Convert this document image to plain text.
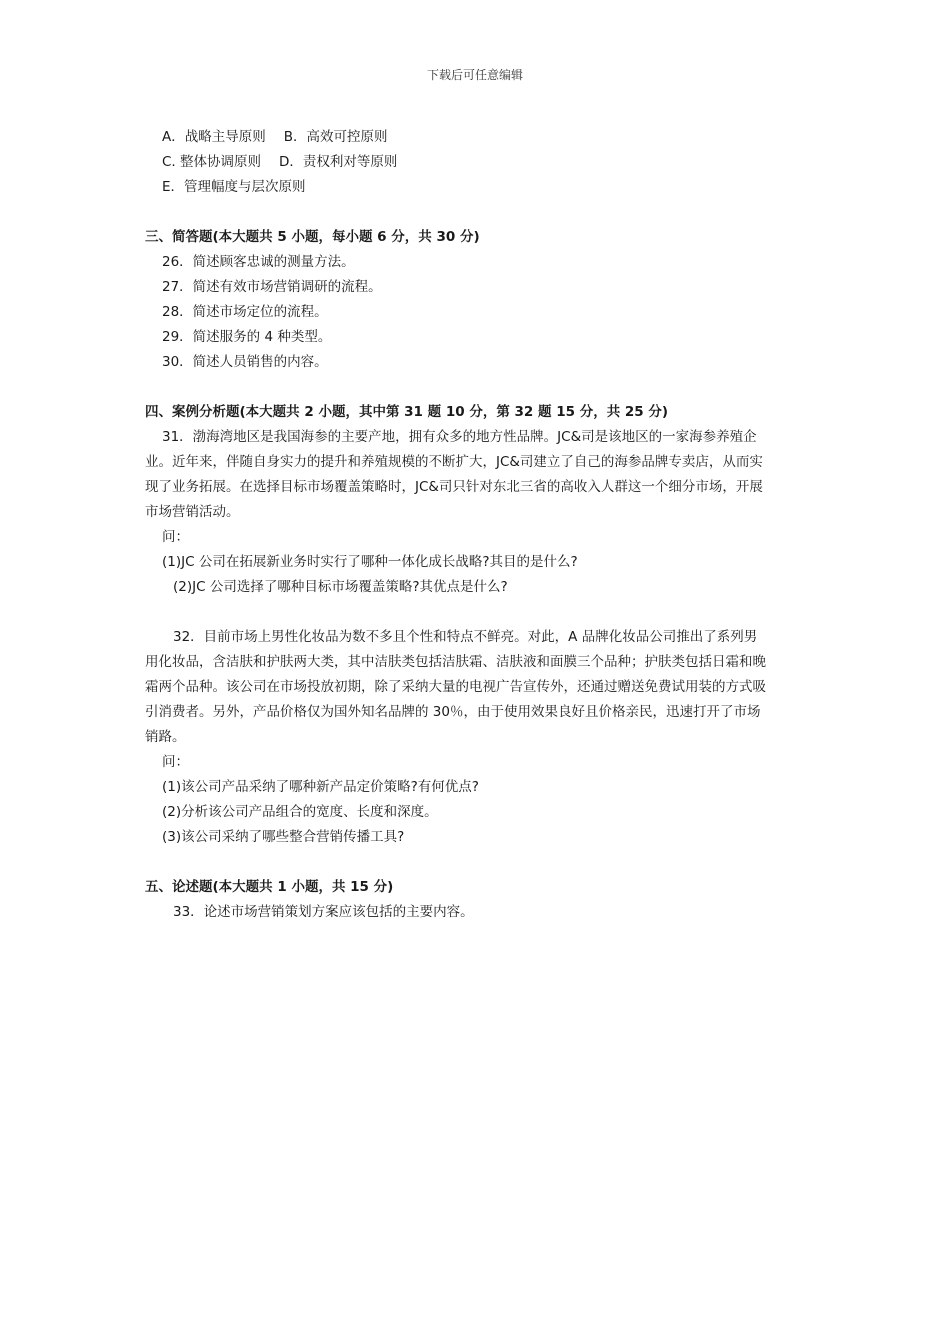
下载后可任意编辑
A．战略主导原则 B．高效可控原则
C. 整体协调原则 D．责权利对等原则
E．管理幅度与层次原则
三、简答题(本大题共 5 小题，每小题 6 分，共 30 分)
26．简述顾客忠诚的测量方法。
27．简述有效市场营销调研的流程。
28．简述市场定位的流程。
29．简述服务的 4 种类型。
30．简述人员销售的内容。
四、案例分析题(本大题共 2 小题，其中第 31 题 10 分，第 32 题 15 分，共 25 分)
31．渤海湾地区是我国海参的主要产地，拥有众多的地方性品牌。JC&司是该地区的一家海参养殖企
业。近年来，伴随自身实力的提升和养殖规模的不断扩大，JC&司建立了自己的海参品牌专卖店，从而实
现了业务拓展。在选择目标市场覆盖策略时，JC&司只针对东北三省的高收入人群这一个细分市场，开展
市场营销活动。
问：
(1)JC 公司在拓展新业务时实行了哪种一体化成长战略?其目的是什么?
(2)JC 公司选择了哪种目标市场覆盖策略?其优点是什么?
32．目前市场上男性化妆品为数不多且个性和特点不鲜亮。对此，A 品牌化妆品公司推出了系列男
用化妆品，含洁肤和护肤两大类，其中洁肤类包括洁肤霜、洁肤液和面膜三个品种；护肤类包括日霜和晚
霜两个品种。该公司在市场投放初期，除了采纳大量的电视广告宣传外，还通过赠送免费试用装的方式吸
引消费者。另外，产品价格仅为国外知名品牌的 30％，由于使用效果良好且价格亲民，迅速打开了市场
销路。
问：
(1)该公司产品采纳了哪种新产品定价策略?有何优点?
(2)分析该公司产品组合的宽度、长度和深度。
(3)该公司采纳了哪些整合营销传播工具?
五、论述题(本大题共 1 小题，共 15 分)
33．论述市场营销策划方案应该包括的主要内容。
